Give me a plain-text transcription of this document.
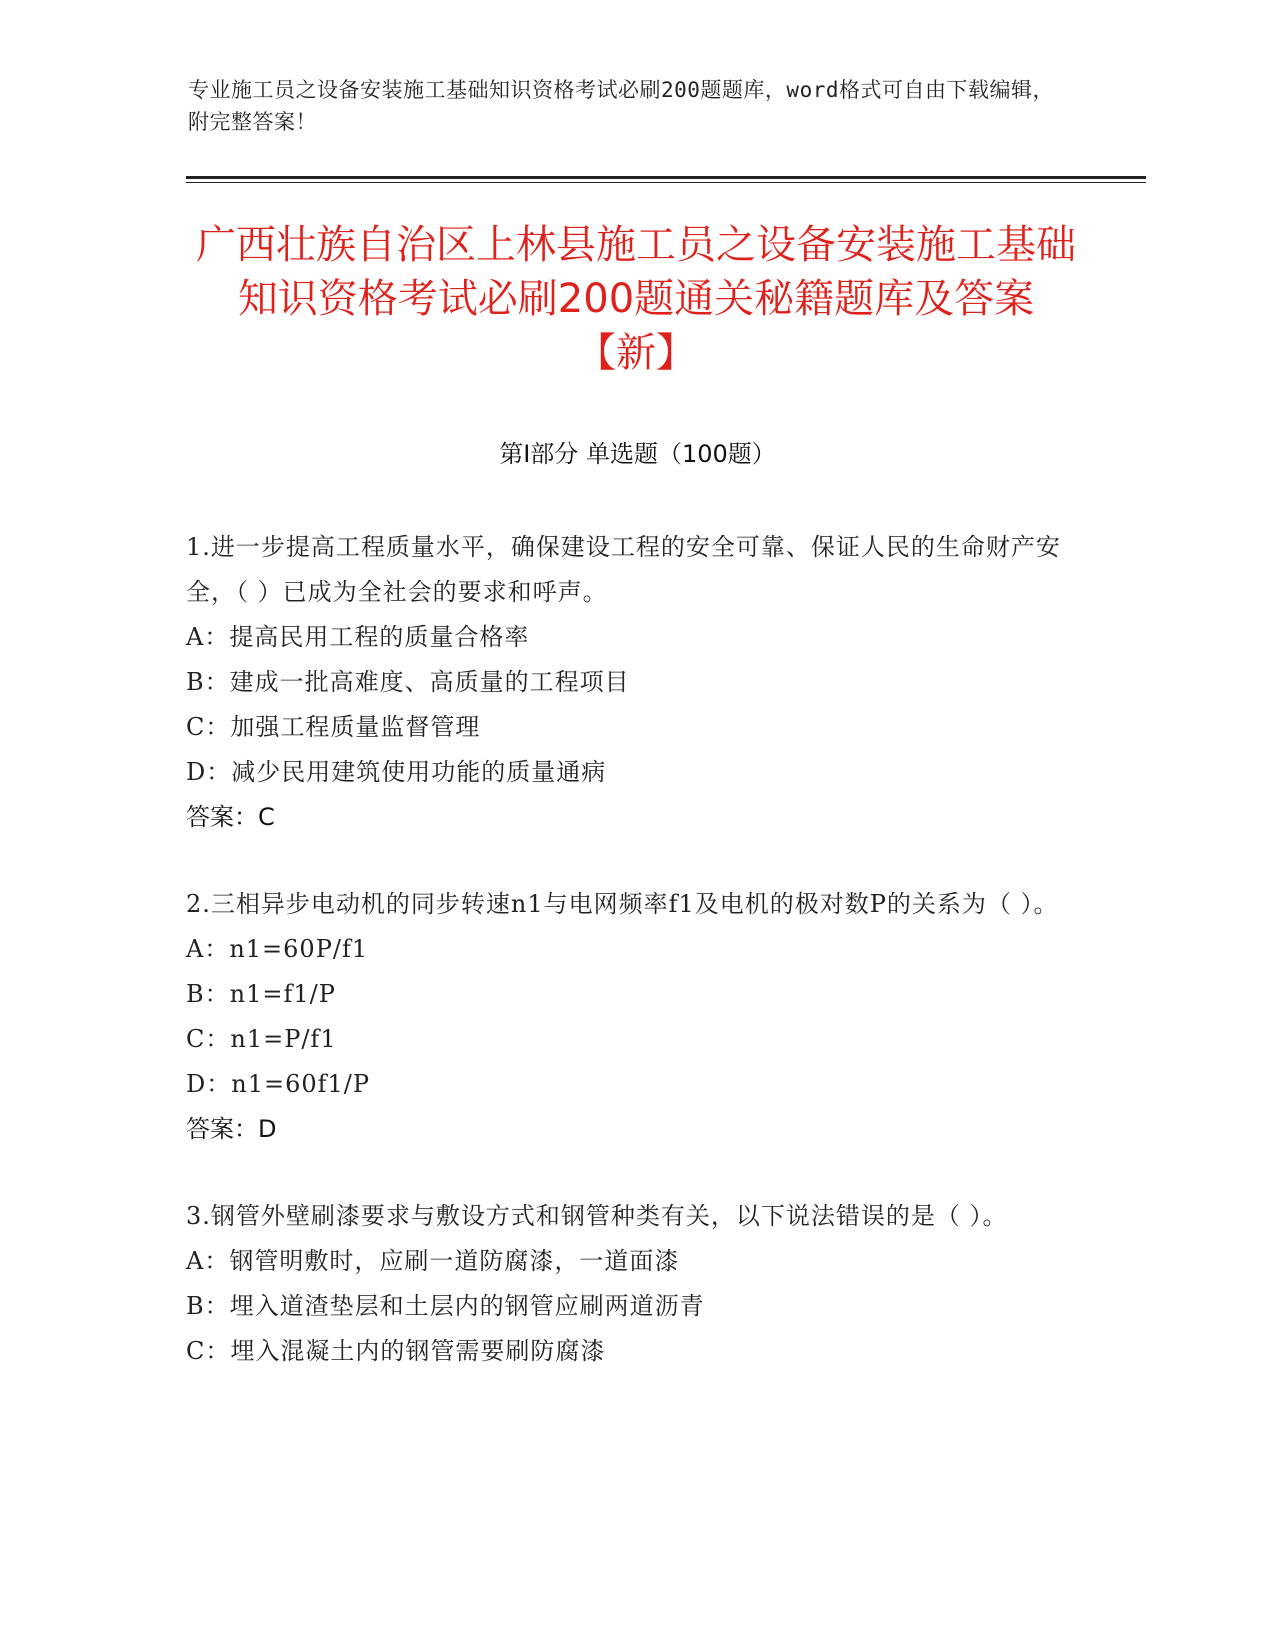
专业施工员之设备安装施工基础知识资格考试必刷200题题库，word格式可自由下载编辑，附完整答案！
广西壮族自治区上林县施工员之设备安装施工基础知识资格考试必刷200题通关秘籍题库及答案【新】
第Ⅰ部分 单选题（100题）
1.进一步提高工程质量水平，确保建设工程的安全可靠、保证人民的生命财产安全，（ ）已成为全社会的要求和呼声。
A：提高民用工程的质量合格率
B：建成一批高难度、高质量的工程项目
C：加强工程质量监督管理
D：减少民用建筑使用功能的质量通病
答案：C
2.三相异步电动机的同步转速n1与电网频率f1及电机的极对数P的关系为（ ）。
A：n1=60P/f1
B：n1=f1/P
C：n1=P/f1
D：n1=60f1/P
答案：D
3.钢管外壁刷漆要求与敷设方式和钢管种类有关，以下说法错误的是（ ）。
A：钢管明敷时，应刷一道防腐漆，一道面漆
B：埋入道渣垫层和土层内的钢管应刷两道沥青
C：埋入混凝土内的钢管需要刷防腐漆
